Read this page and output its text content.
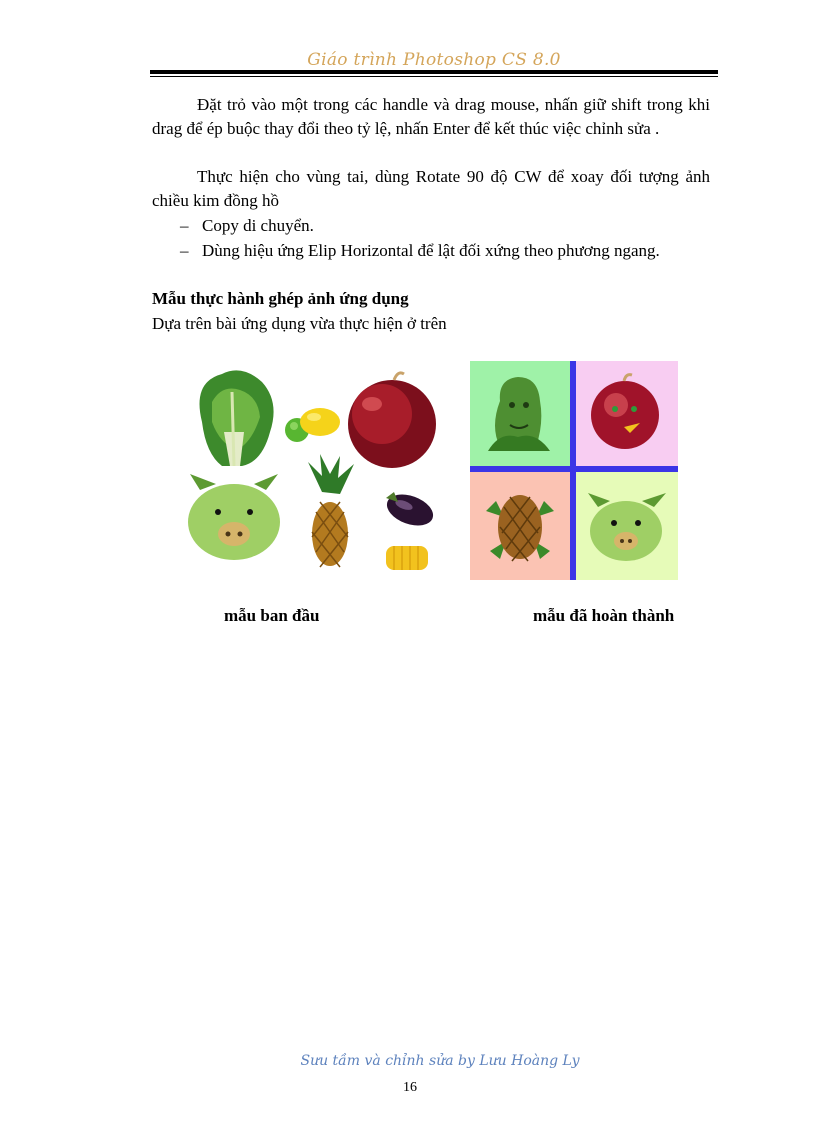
Giáo trình Photoshop CS 8.0

Đặt trỏ vào một trong các handle và drag mouse, nhấn giữ shift trong khi drag để ép buộc thay đổi theo tỷ lệ, nhấn Enter để kết thúc việc chỉnh sửa .

Thực hiện cho vùng tai, dùng Rotate 90 độ CW để xoay đối tượng ảnh chiều kim đồng hồ

– Copy di chuyển.
– Dùng hiệu ứng Elip Horizontal để lật đối xứng theo phương ngang.
Mẫu thực hành ghép ảnh ứng dụng
Dựa trên bài ứng dụng vừa thực hiện ở trên
mẫu ban đầu	mẫu đã hoàn thành
Sưu tầm và chỉnh sửa by Lưu Hoàng Ly
16
